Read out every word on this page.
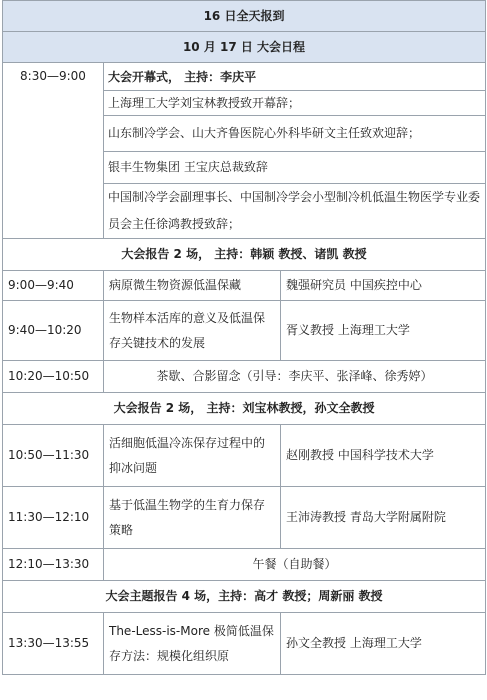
16 日全天报到		
10 月 17 日 大会日程		
8:30—9:00	大会开幕式， 主持：李庆平
上海理工大学刘宝林教授致开幕辞；
山东制冷学会、山大齐鲁医院心外科毕研文主任致欢迎辞；
银丰生物集团 王宝庆总裁致辞
中国制冷学会副理事长、中国制冷学会小型制冷机低温生物医学专业委员会主任徐鸿教授致辞；	

大会报告 2 场， 主持：韩颖 教授、诸凯 教授		
9:00—9:40	病原微生物资源低温保藏	魏强研究员 中国疾控中心
9:40—10:20	生物样本活库的意义及低温保存关键技术的发展	胥义教授 上海理工大学
10:20—10:50	茶歇、合影留念（引导：李庆平、张泽峰、徐秀婷）	
大会报告 2 场， 主持：刘宝林教授，孙文全教授		
10:50—11:30	活细胞低温冷冻保存过程中的抑冰问题	赵刚教授 中国科学技术大学
11:30—12:10	基于低温生物学的生育力保存策略	王沛涛教授 青岛大学附属附院
12:10—13:30	午餐（自助餐）	
大会主题报告 4 场，主持：高才 教授；周新丽 教授		
13:30—13:55	The-Less-is-More 极简低温保存方法：规模化组织原	孙文全教授 上海理工大学
